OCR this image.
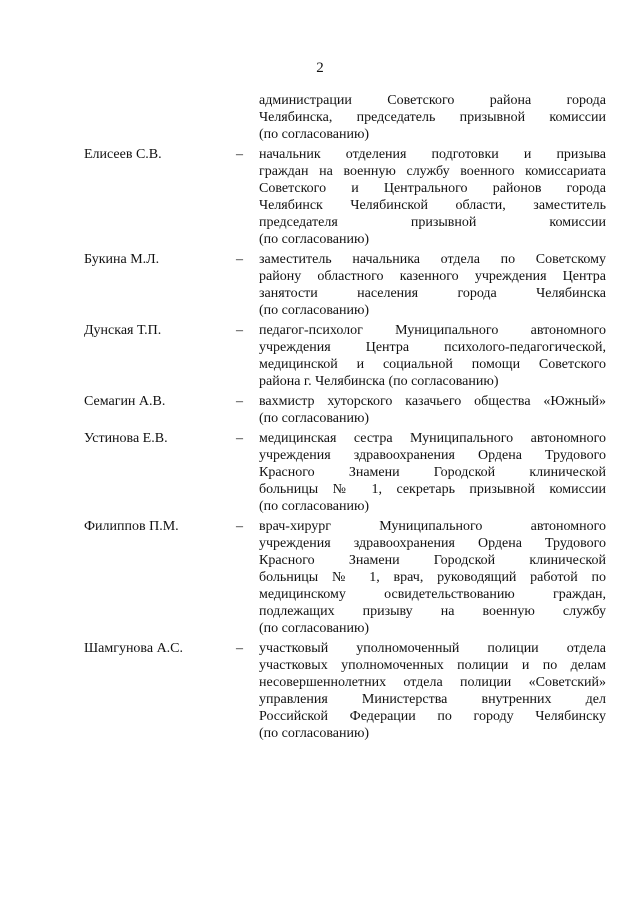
2
администрации Советского района города
Челябинска, председатель призывной комиссии
(по согласованию)
Елисеев С.В.	– начальник отделения подготовки и призыва
граждан на военную службу военного комиссариата
Советского и Центрального районов города
Челябинск Челябинской области, заместитель
председателя призывной комиссии
(по согласованию)
Букина М.Л.	– заместитель начальника отдела по Советскому
району областного казенного учреждения Центра
занятости населения города Челябинска
(по согласованию)
Дунская Т.П.	– педагог-психолог Муниципального автономного
учреждения Центра психолого-педагогической,
медицинской и социальной помощи Советского
района г. Челябинска (по согласованию)
Семагин А.В.	– вахмистр хуторского казачьего общества «Южный»
(по согласованию)
Устинова Е.В.	– медицинская сестра Муниципального автономного
учреждения здравоохранения Ордена Трудового
Красного Знамени Городской клинической
больницы № 1, секретарь призывной комиссии
(по согласованию)
Филиппов П.М.	– врач-хирург Муниципального автономного
учреждения здравоохранения Ордена Трудового
Красного Знамени Городской клинической
больницы № 1, врач, руководящий работой по
медицинскому освидетельствованию граждан,
подлежащих призыву на военную службу
(по согласованию)
Шамгунова А.С.	– участковый уполномоченный полиции отдела
участковых уполномоченных полиции и по делам
несовершеннолетних отдела полиции «Советский»
управления Министерства внутренних дел
Российской Федерации по городу Челябинску
(по согласованию)
